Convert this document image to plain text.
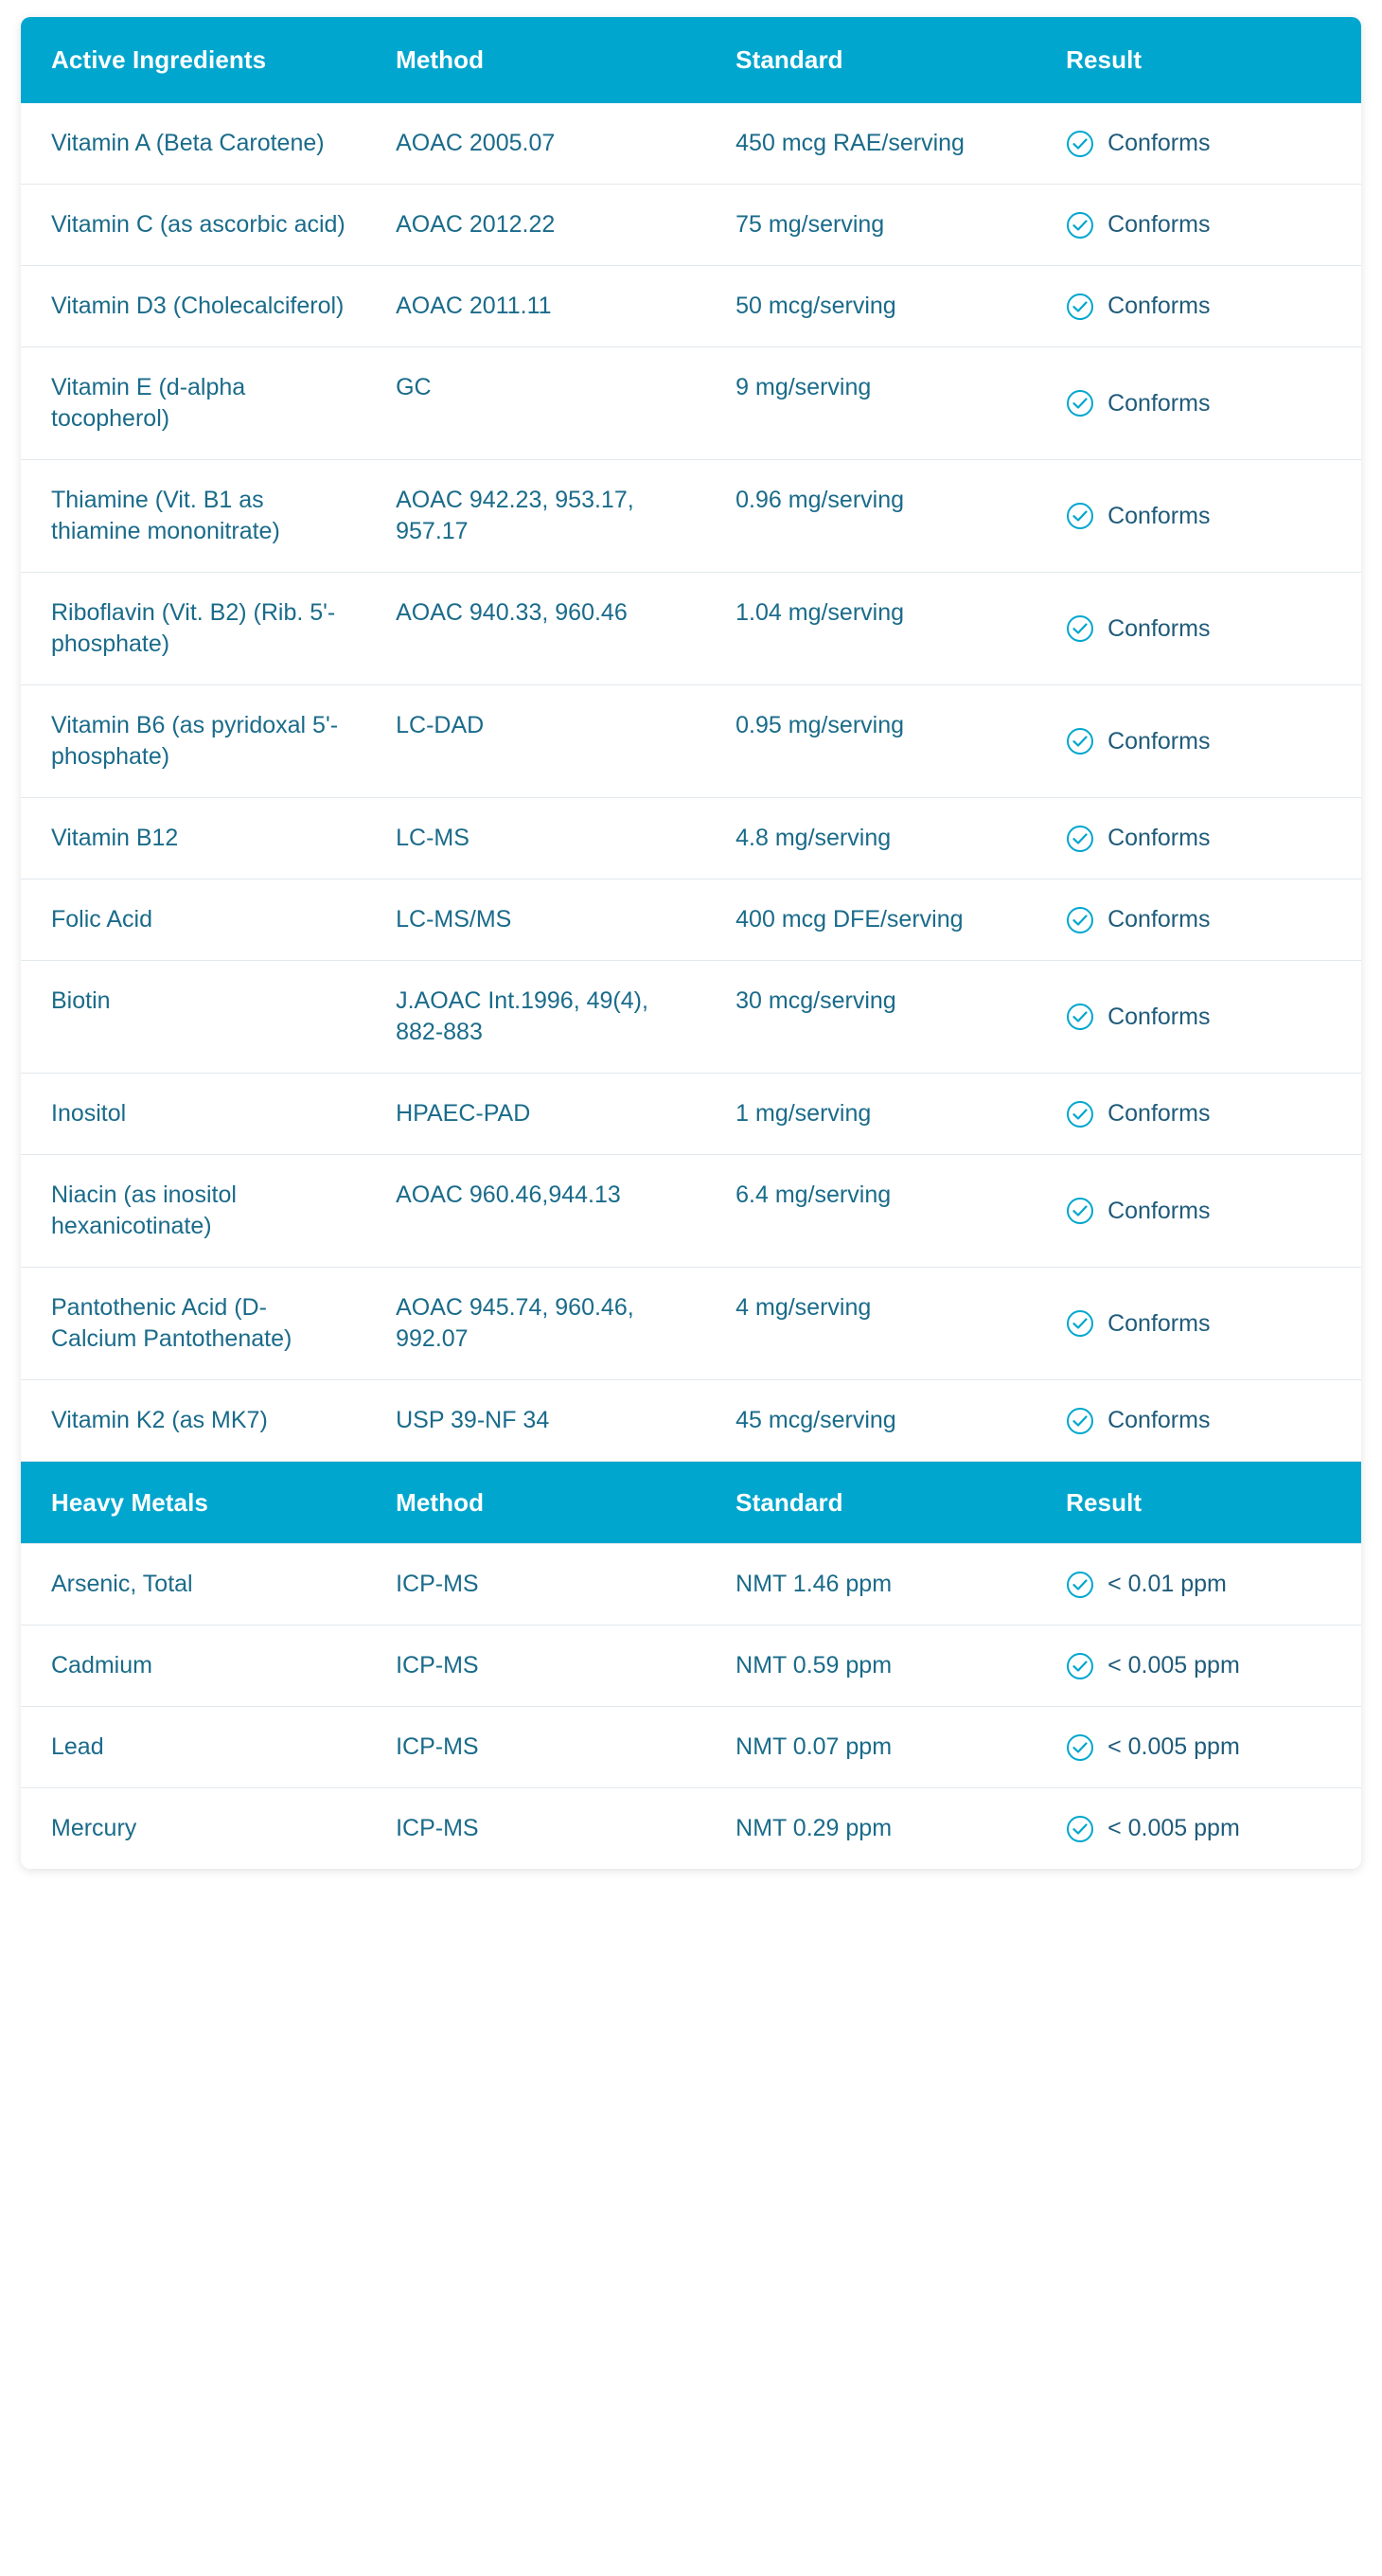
Active Ingredients	Method	Standard	Result
Vitamin A (Beta Carotene)	AOAC 2005.07	450 mcg RAE/serving	Conforms

Vitamin C (as ascorbic acid)	AOAC 2012.22	75 mg/serving	Conforms

Vitamin D3 (Cholecalciferol)	AOAC 2011.11	50 mcg/serving	Conforms

Vitamin E (d-alpha tocopherol)	GC	9 mg/serving	Conforms

Thiamine (Vit. B1 as thiamine mononitrate)	AOAC 942.23, 953.17, 957.17	0.96 mg/serving	Conforms

Riboflavin (Vit. B2) (Rib. 5'-phosphate)	AOAC 940.33, 960.46	1.04 mg/serving	Conforms

Vitamin B6 (as pyridoxal 5'-phosphate)	LC-DAD	0.95 mg/serving	Conforms

Vitamin B12	LC-MS	4.8 mg/serving	Conforms

Folic Acid	LC-MS/MS	400 mcg DFE/serving	Conforms

Biotin	J.AOAC Int.1996, 49(4), 882-883	30 mcg/serving	Conforms

Inositol	HPAEC-PAD	1 mg/serving	Conforms

Niacin (as inositol hexanicotinate)	AOAC 960.46,944.13	6.4 mg/serving	Conforms

Pantothenic Acid (D-Calcium Pantothenate)	AOAC 945.74, 960.46, 992.07	4 mg/serving	Conforms

Vitamin K2 (as MK7)	USP 39-NF 34	45 mcg/serving	Conforms

Heavy Metals	Method	Standard	Result
Arsenic, Total	ICP-MS	NMT 1.46 ppm	< 0.01 ppm

Cadmium	ICP-MS	NMT 0.59 ppm	< 0.005 ppm

Lead	ICP-MS	NMT 0.07 ppm	< 0.005 ppm

Mercury	ICP-MS	NMT 0.29 ppm	< 0.005 ppm
